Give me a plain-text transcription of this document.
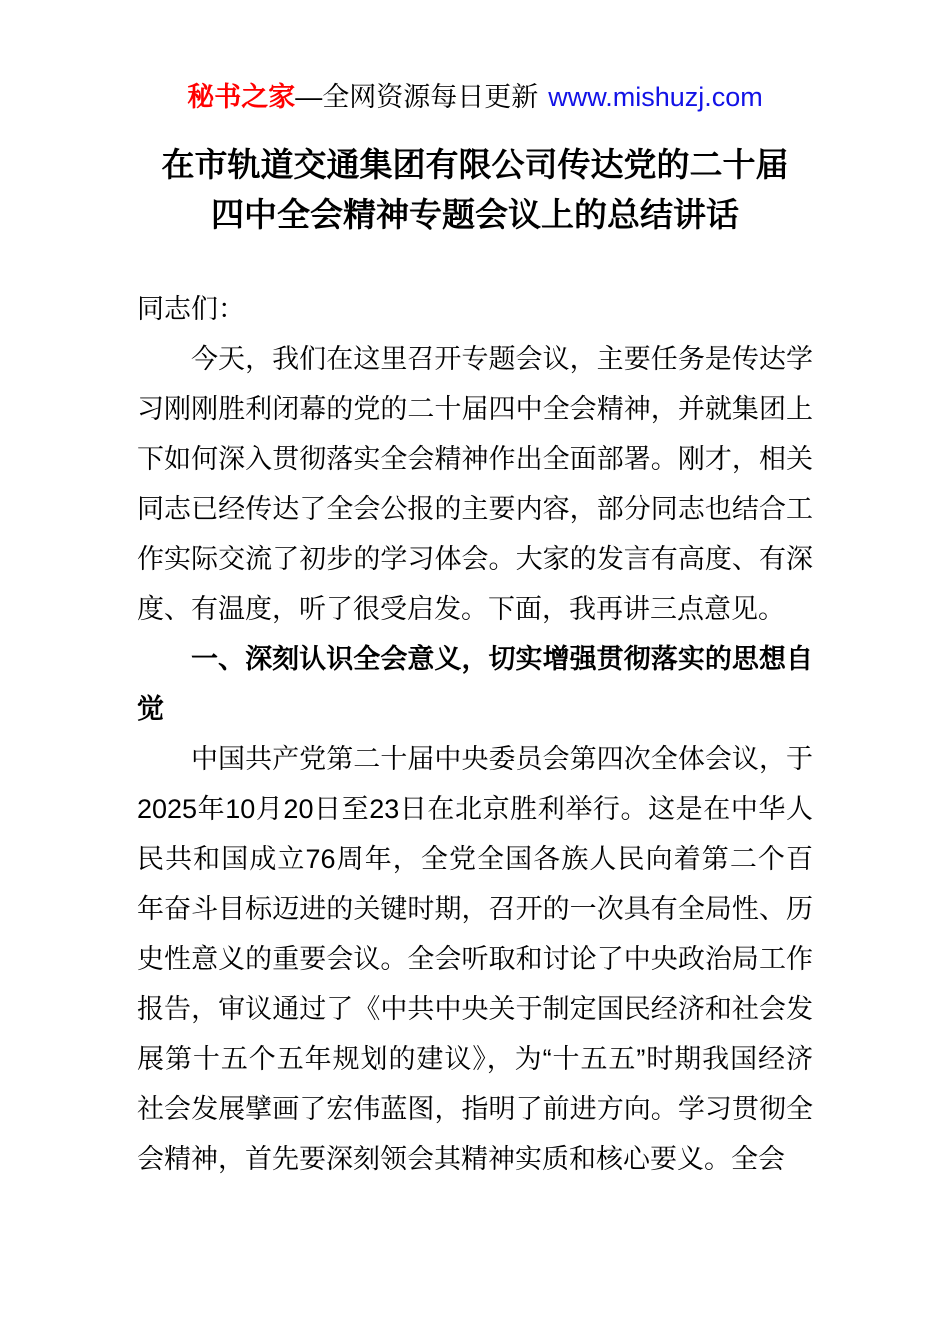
秘书之家—全网资源每日更新 www.mishuzj.com
在市轨道交通集团有限公司传达党的二十届
四中全会精神专题会议上的总结讲话

同志们：

今天，我们在这里召开专题会议，主要任务是传达学习刚刚胜利闭幕的党的二十届四中全会精神，并就集团上下如何深入贯彻落实全会精神作出全面部署。刚才，相关同志已经传达了全会公报的主要内容，部分同志也结合工作实际交流了初步的学习体会。大家的发言有高度、有深度、有温度，听了很受启发。下面，我再讲三点意见。

一、深刻认识全会意义，切实增强贯彻落实的思想自觉

中国共产党第二十届中央委员会第四次全体会议，于2025年10月20日至23日在北京胜利举行。这是在中华人民共和国成立76周年，全党全国各族人民向着第二个百年奋斗目标迈进的关键时期，召开的一次具有全局性、历史性意义的重要会议。全会听取和讨论了中央政治局工作报告，审议通过了《中共中央关于制定国民经济和社会发展第十五个五年规划的建议》，为“十五五”时期我国经济社会发展擘画了宏伟蓝图，指明了前进方向。学习贯彻全会精神，首先要深刻领会其精神实质和核心要义。全会
